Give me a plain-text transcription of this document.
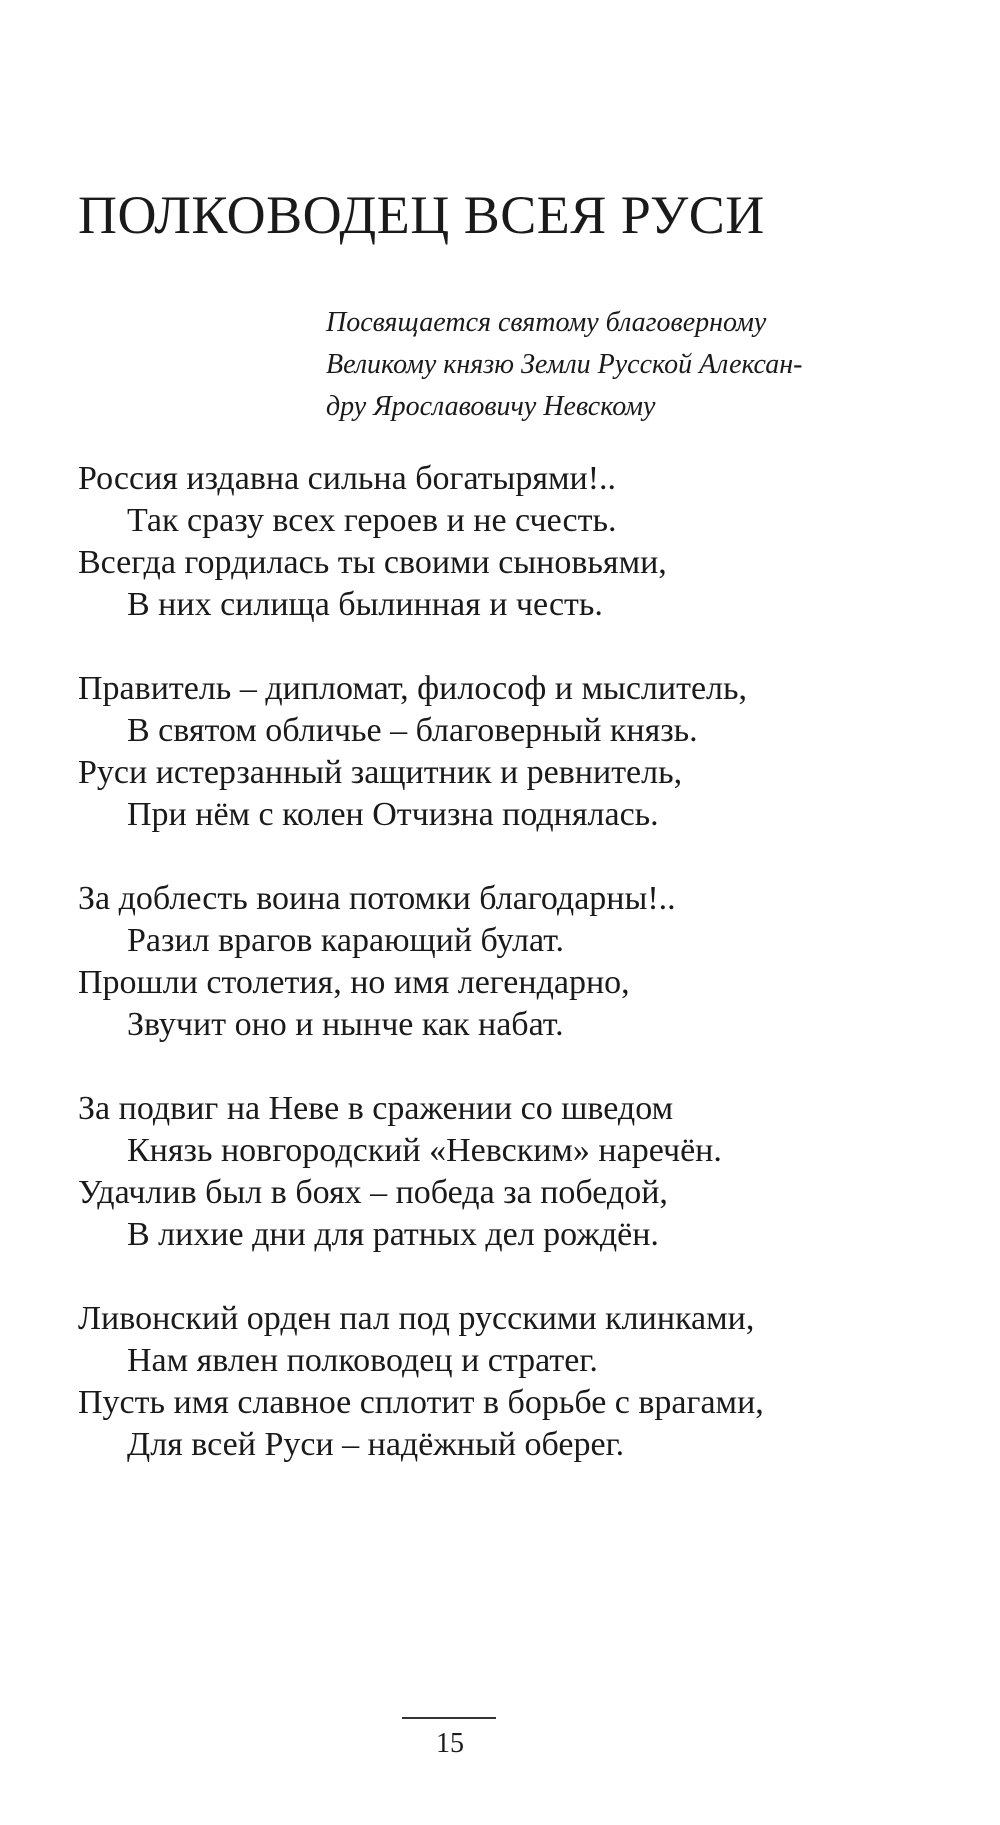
ПОЛКОВОДЕЦ ВСЕЯ РУСИ
Посвящается святому благоверному
Великому князю Земли Русской Алексан-
дру Ярославовичу Невскому
Россия издавна сильна богатырями!..
Так сразу всех героев и не счесть.
Всегда гордилась ты своими сыновьями,
В них силища былинная и честь.
Правитель – дипломат, философ и мыслитель,
В святом обличье – благоверный князь.
Руси истерзанный защитник и ревнитель,
При нём с колен Отчизна поднялась.
За доблесть воина потомки благодарны!..
Разил врагов карающий булат.
Прошли столетия, но имя легендарно,
Звучит оно и нынче как набат.
За подвиг на Неве в сражении со шведом
Князь новгородский «Невским» наречён.
Удачлив был в боях – победа за победой,
В лихие дни для ратных дел рождён.
Ливонский орден пал под русскими клинками,
Нам явлен полководец и стратег.
Пусть имя славное сплотит в борьбе с врагами,
Для всей Руси – надёжный оберег.
15
